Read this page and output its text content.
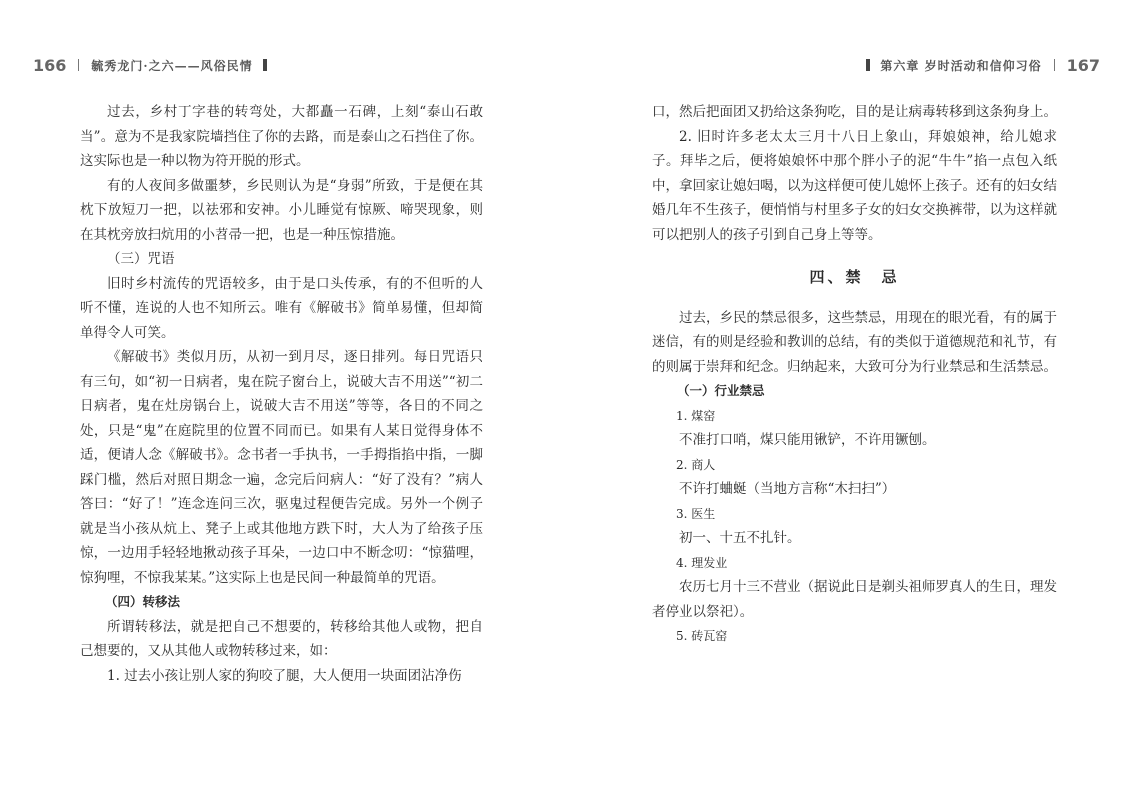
166 毓秀龙门·之六——风俗民情	第六章 岁时活动和信仰习俗 167

过去，乡村丁字巷的转弯处，大都矗一石碑，上刻“泰山石敢当”。意为不是我家院墙挡住了你的去路，而是泰山之石挡住了你。这实际也是一种以物为符开脱的形式。

有的人夜间多做噩梦，乡民则认为是“身弱”所致，于是便在其枕下放短刀一把，以祛邪和安神。小儿睡觉有惊厥、啼哭现象，则在其枕旁放扫炕用的小苕帚一把，也是一种压惊措施。

（三）咒语

旧时乡村流传的咒语较多，由于是口头传承，有的不但听的人听不懂，连说的人也不知所云。唯有《解破书》简单易懂，但却简单得令人可笑。

《解破书》类似月历，从初一到月尽，逐日排列。每日咒语只有三句，如“初一日病者，鬼在院子窗台上，说破大吉不用送”“初二日病者，鬼在灶房锅台上，说破大吉不用送”等等，各日的不同之处，只是“鬼”在庭院里的位置不同而已。如果有人某日觉得身体不适，便请人念《解破书》。念书者一手执书，一手拇指掐中指，一脚踩门槛，然后对照日期念一遍，念完后问病人：“好了没有？”病人答曰：“好了！”连念连问三次，驱鬼过程便告完成。另外一个例子就是当小孩从炕上、凳子上或其他地方跌下时，大人为了给孩子压惊，一边用手轻轻地揪动孩子耳朵，一边口中不断念叨：“惊猫哩，惊狗哩，不惊我某某。”这实际上也是民间一种最简单的咒语。

（四）转移法

所谓转移法，就是把自己不想要的，转移给其他人或物，把自己想要的，又从其他人或物转移过来，如：

1. 过去小孩让别人家的狗咬了腿，大人便用一块面团沾净伤

口，然后把面团又扔给这条狗吃，目的是让病毒转移到这条狗身上。

2. 旧时许多老太太三月十八日上象山，拜娘娘神，给儿媳求子。拜毕之后，便将娘娘怀中那个胖小子的泥“牛牛”掐一点包入纸中，拿回家让媳妇喝，以为这样便可使儿媳怀上孩子。还有的妇女结婚几年不生孩子，便悄悄与村里多子女的妇女交换裤带，以为这样就可以把别人的孩子引到自己身上等等。

四、禁　忌

过去，乡民的禁忌很多，这些禁忌，用现在的眼光看，有的属于迷信，有的则是经验和教训的总结，有的类似于道德规范和礼节，有的则属于崇拜和纪念。归纳起来，大致可分为行业禁忌和生活禁忌。

（一）行业禁忌

1. 煤窑

不准打口哨，煤只能用锹铲，不许用镢刨。

2. 商人

不许打蛐蜒（当地方言称“木扫扫”）

3. 医生

初一、十五不扎针。

4. 理发业

农历七月十三不营业（据说此日是剃头祖师罗真人的生日，理发者停业以祭祀）。

5. 砖瓦窑
